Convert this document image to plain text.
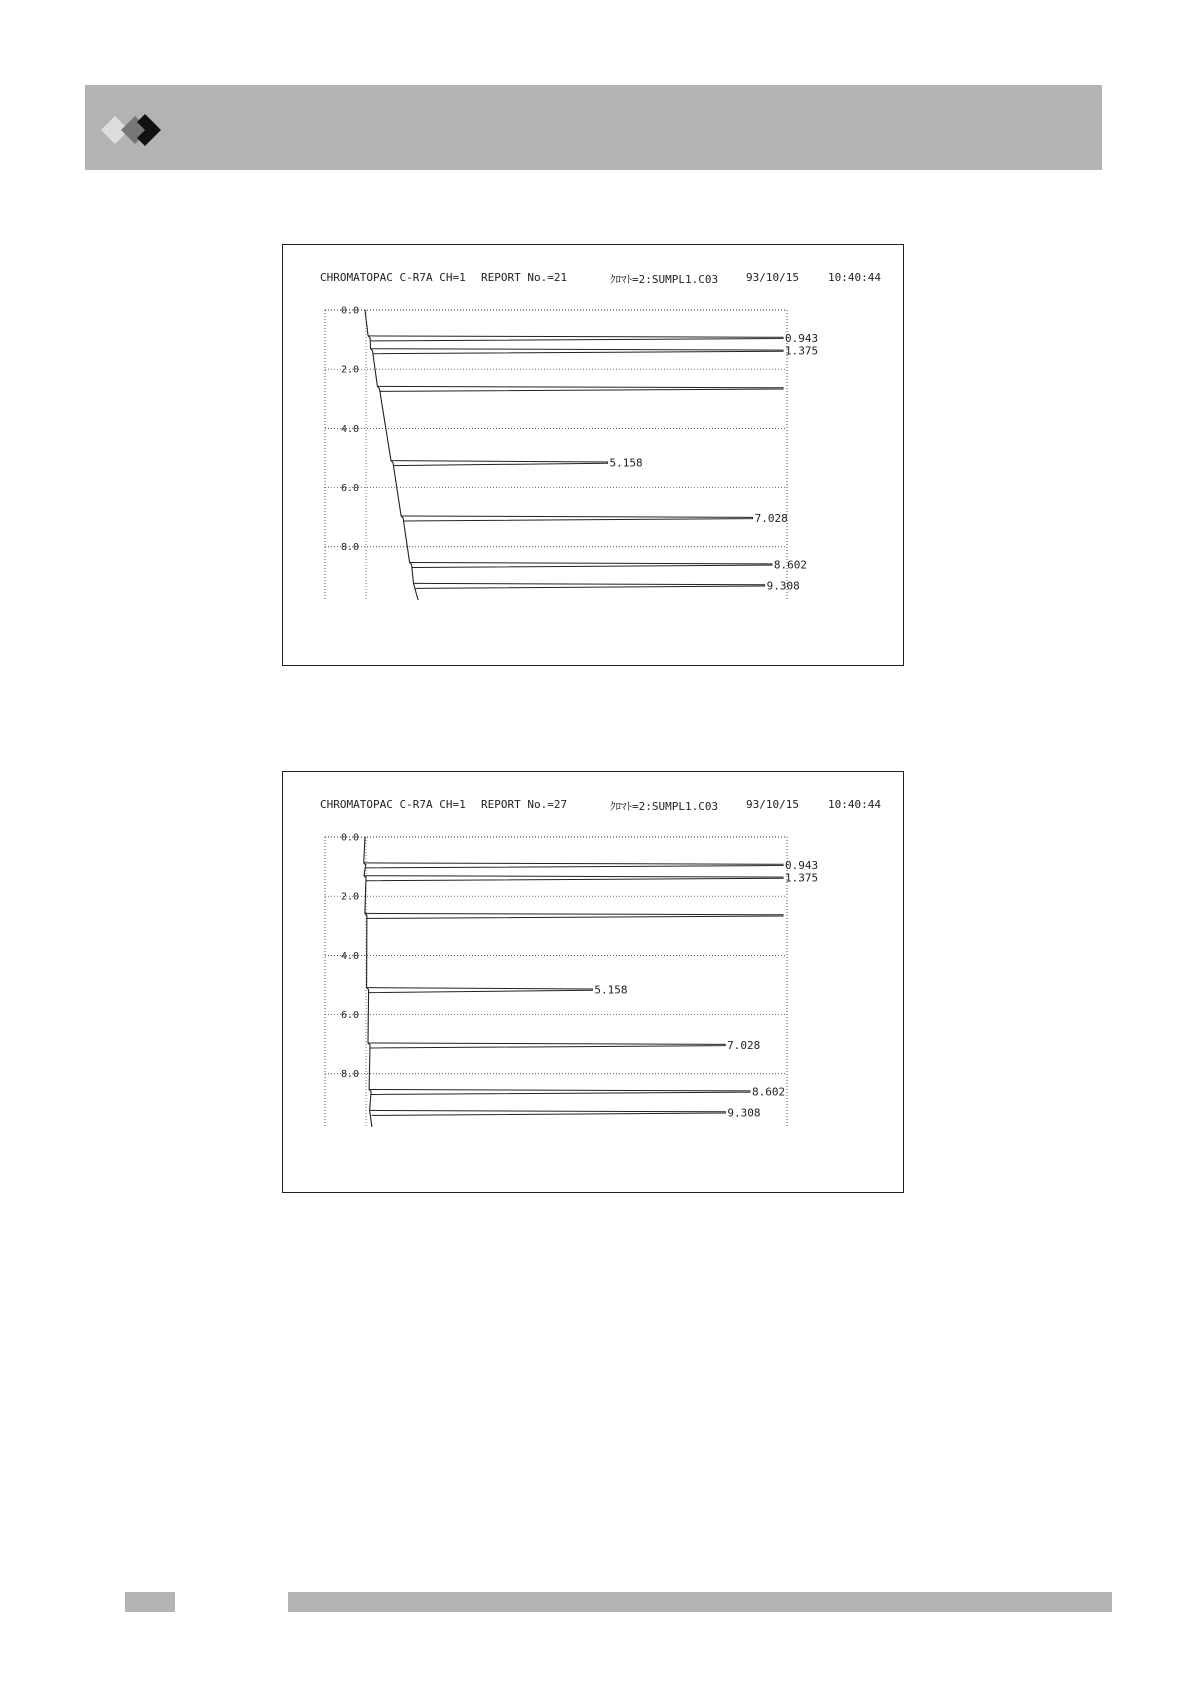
CHROMATOPAC C-R7A CH=1 REPORT No.=21	ｸﾛﾏﾄ=2:SUMPL1.C03	93/10/15	10:40:44
0.0
2.0
4.0
6.0
8.0
0.943
1.375
5.158
7.028
8.602
9.308
CHROMATOPAC C-R7A CH=1 REPORT No.=27	ｸﾛﾏﾄ=2:SUMPL1.C03	93/10/15	10:40:44
0.0
2.0
4.0
6.0
8.0
0.943
1.375
5.158
7.028
8.602
9.308
